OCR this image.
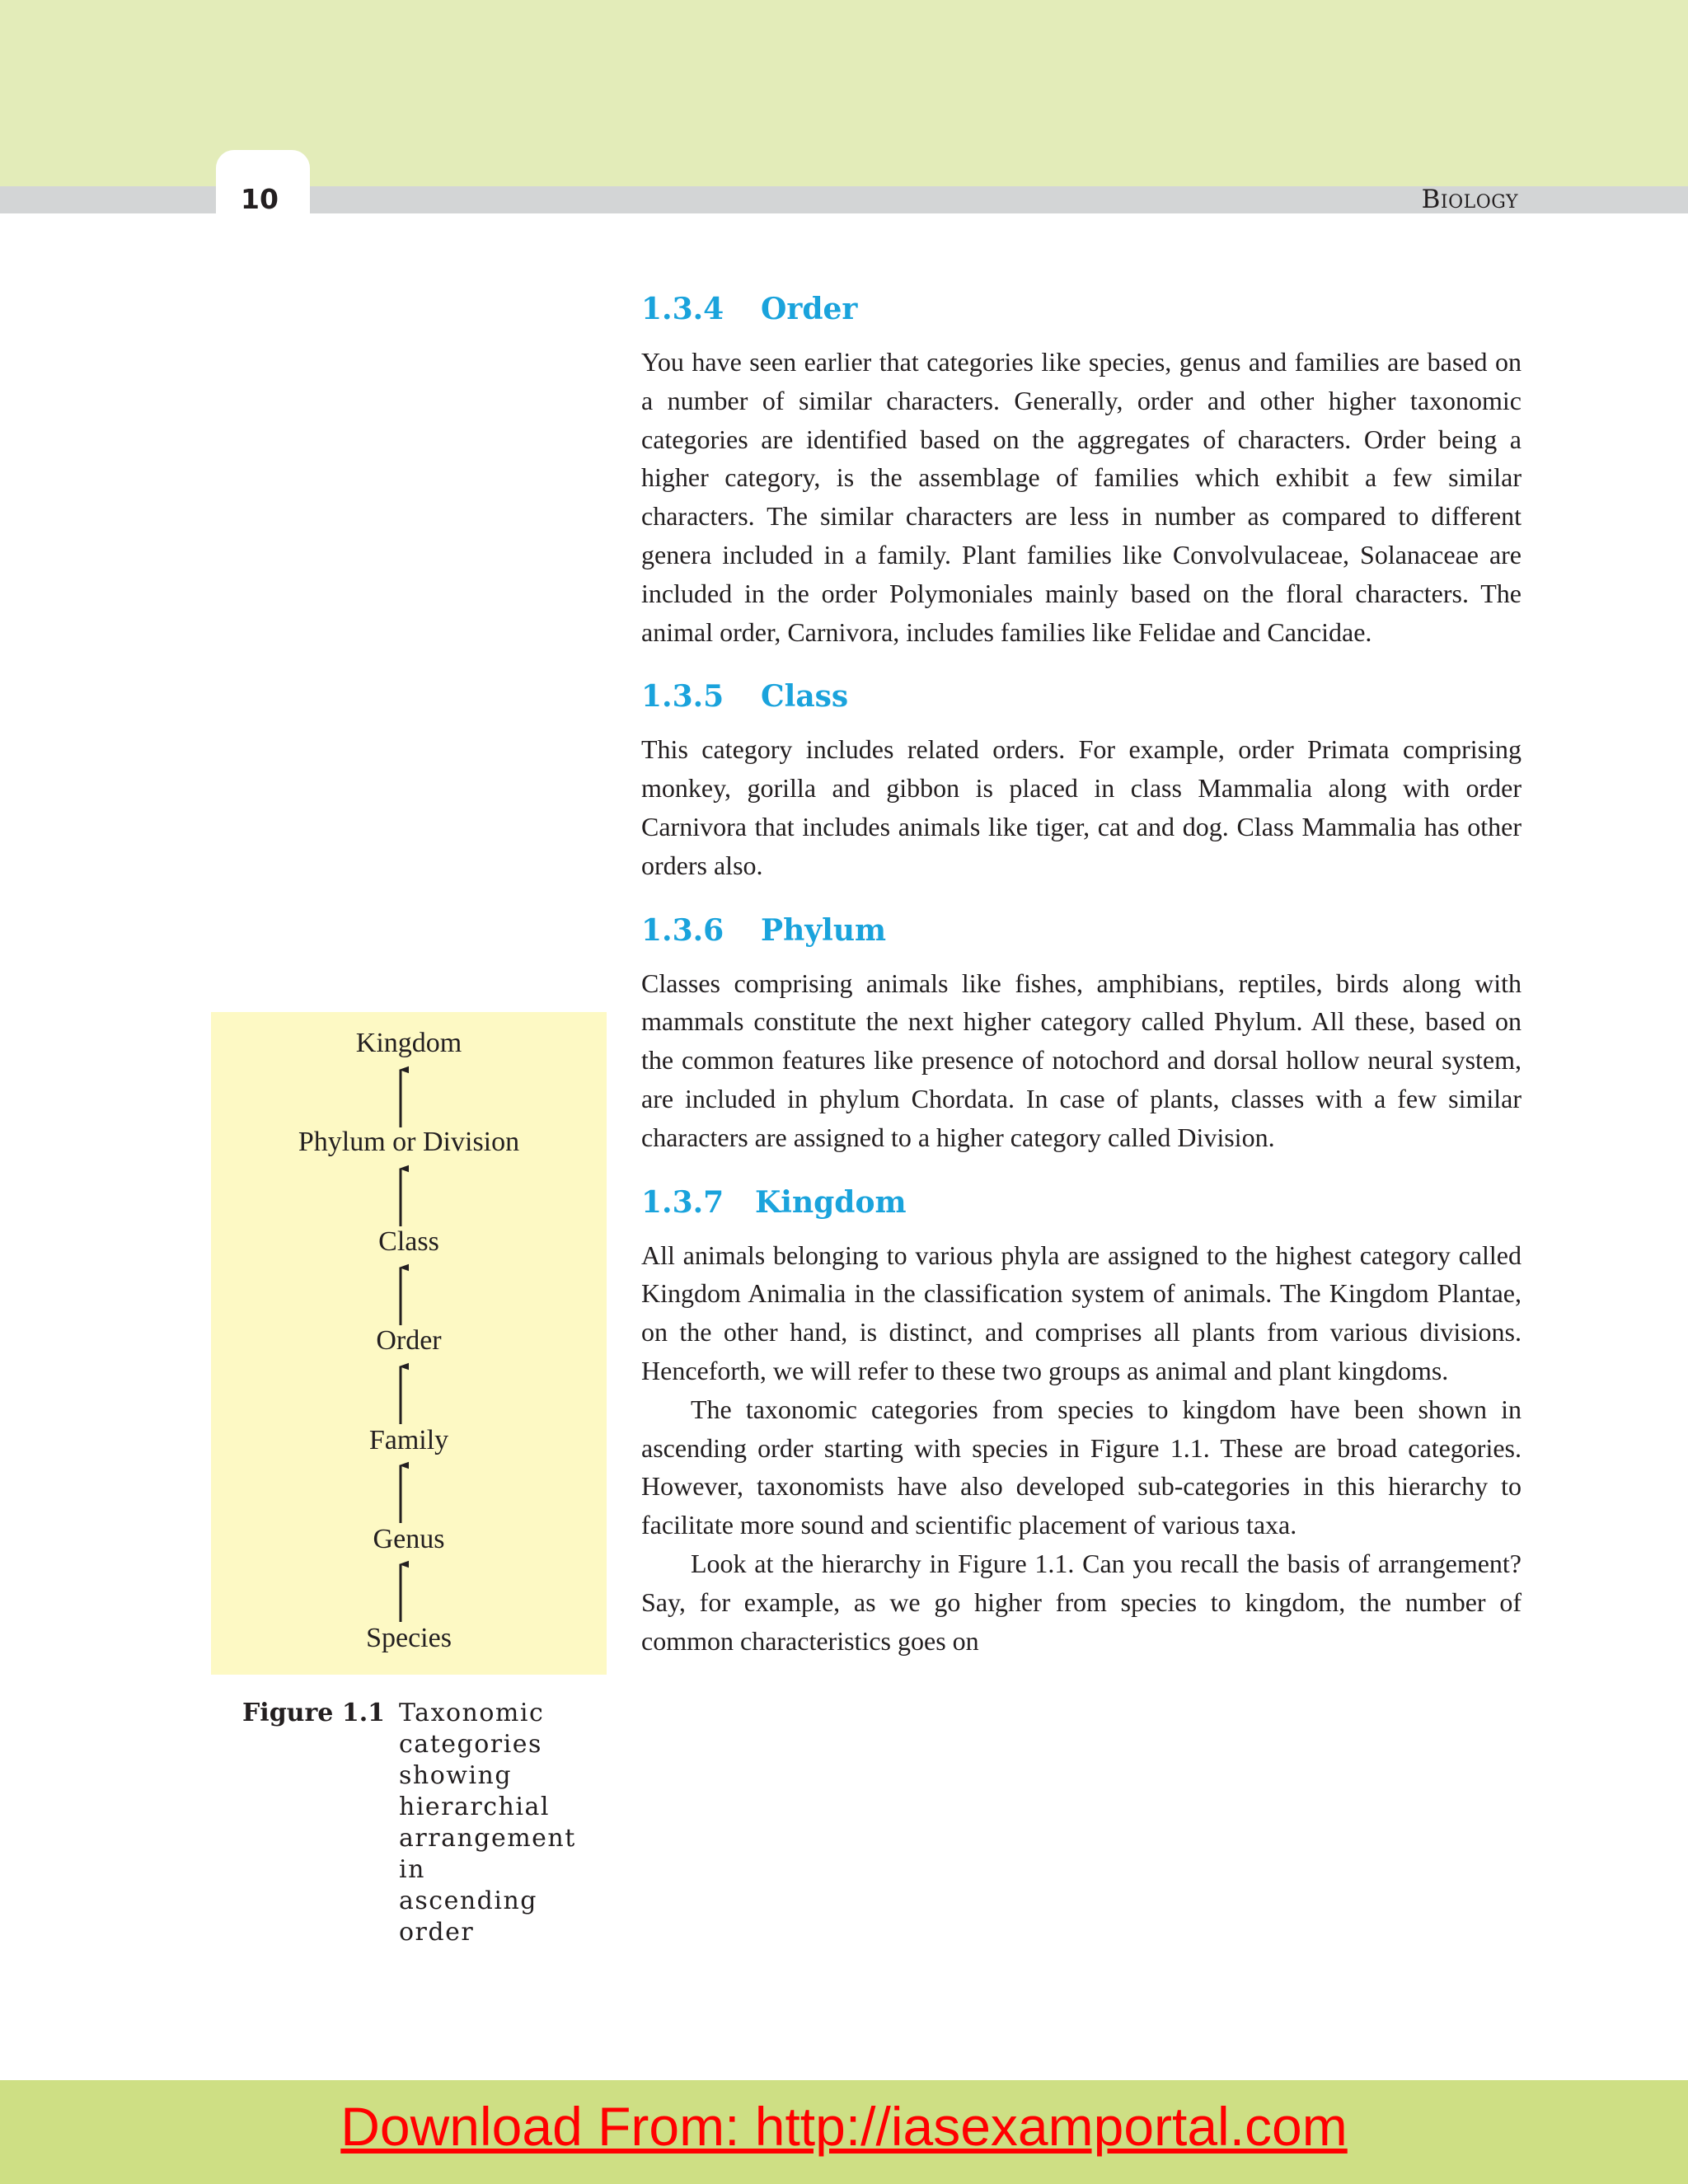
10	Biology
1.3.4 Order

You have seen earlier that categories like species, genus and families are based on a number of similar characters. Generally, order and other higher taxonomic categories are identified based on the aggregates of characters. Order being a higher category, is the assemblage of families which exhibit a few similar characters. The similar characters are less in number as compared to different genera included in a family. Plant families like Convolvulaceae, Solanaceae are included in the order Polymoniales mainly based on the floral characters. The animal order, Carnivora, includes families like Felidae and Cancidae.

1.3.5 Class

This category includes related orders. For example, order Primata comprising monkey, gorilla and gibbon is placed in class Mammalia along with order Carnivora that includes animals like tiger, cat and dog. Class Mammalia has other orders also.

1.3.6 Phylum

Classes comprising animals like fishes, amphibians, reptiles, birds along with mammals constitute the next higher category called Phylum. All these, based on the common features like presence of notochord and dorsal hollow neural system, are included in phylum Chordata. In case of plants, classes with a few similar characters are assigned to a higher category called Division.

1.3.7 Kingdom

All animals belonging to various phyla are assigned to the highest category called Kingdom Animalia in the classification system of animals. The Kingdom Plantae, on the other hand, is distinct, and comprises all plants from various divisions. Henceforth, we will refer to these two groups as animal and plant kingdoms.

The taxonomic categories from species to kingdom have been shown in ascending order starting with species in Figure 1.1. These are broad categories. However, taxonomists have also developed sub-categories in this hierarchy to facilitate more sound and scientific placement of various taxa.

Look at the hierarchy in Figure 1.1. Can you recall the basis of arrangement? Say, for example, as we go higher from species to kingdom, the number of common characteristics goes on

Kingdom
Phylum or Division
Class
Order
Family
Genus
Species
Figure 1.1 Taxonomic categories showing hierarchial arrangement in ascending order
Download From: http://iasexamportal.com
